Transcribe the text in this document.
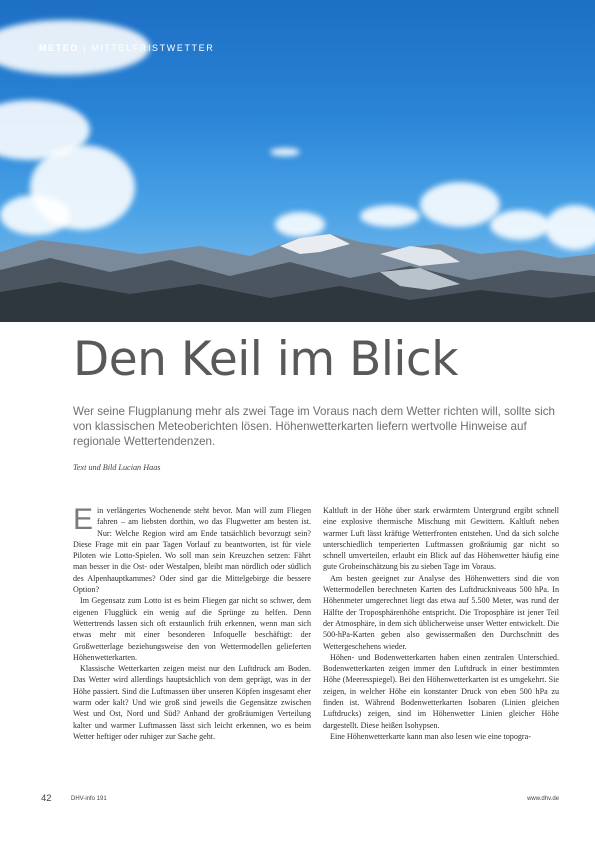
METEO | MITTELFRISTWETTER
Den Keil im Blick

Wer seine Flugplanung mehr als zwei Tage im Voraus nach dem Wetter richten will, sollte sich von klassischen Meteoberichten lösen. Höhenwetterkarten liefern wertvolle Hinweise auf regionale Wettertendenzen.

Text und Bild Lucian Haas

Ein verlängertes Wochenende steht bevor. Man will zum Fliegen fahren – am liebsten dorthin, wo das Flugwetter am besten ist. Nur: Welche Region wird am Ende tatsächlich bevorzugt sein? Diese Frage mit ein paar Tagen Vorlauf zu beantworten, ist für viele Piloten wie Lotto-Spielen. Wo soll man sein Kreuzchen setzen: Fährt man besser in die Ost- oder Westalpen, bleibt man nördlich oder südlich des Alpenhauptkammes? Oder sind gar die Mittelgebirge die bessere Option?

Im Gegensatz zum Lotto ist es beim Fliegen gar nicht so schwer, dem eigenen Flugglück ein wenig auf die Sprünge zu helfen. Denn Wettertrends lassen sich oft erstaunlich früh erkennen, wenn man sich etwas mehr mit einer besonderen Infoquelle beschäftigt: der Großwetterlage beziehungsweise den von Wettermodellen gelieferten Höhenwetterkarten.

Klassische Wetterkarten zeigen meist nur den Luftdruck am Boden. Das Wetter wird allerdings hauptsächlich von dem geprägt, was in der Höhe passiert. Sind die Luftmassen über unseren Köpfen insgesamt eher warm oder kalt? Und wie groß sind jeweils die Gegensätze zwischen West und Ost, Nord und Süd? Anhand der großräumigen Verteilung kalter und warmer Luftmassen lässt sich leicht erkennen, wo es beim Wetter heftiger oder ruhiger zur Sache geht.

Kaltluft in der Höhe über stark erwärmtem Untergrund ergibt schnell eine explosive thermische Mischung mit Gewittern. Kaltluft neben warmer Luft lässt kräftige Wetterfronten entstehen. Und da sich solche unterschiedlich temperierten Luftmassen großräumig gar nicht so schnell umverteilen, erlaubt ein Blick auf das Höhenwetter häufig eine gute Grobeinschätzung bis zu sieben Tage im Voraus.

Am besten geeignet zur Analyse des Höhenwetters sind die von Wettermodellen berechneten Karten des Luftdruckniveaus 500 hPa. In Höhenmeter umgerechnet liegt das etwa auf 5.500 Meter, was rund der Hälfte der Troposphärenhöhe entspricht. Die Troposphäre ist jener Teil der Atmosphäre, in dem sich üblicherweise unser Wetter entwickelt. Die 500-hPa-Karten geben also gewissermaßen den Durchschnitt des Wettergeschehens wieder.

Höhen- und Bodenwetterkarten haben einen zentralen Unterschied. Bodenwetterkarten zeigen immer den Luftdruck in einer bestimmten Höhe (Meeresspiegel). Bei den Höhenwetterkarten ist es umgekehrt. Sie zeigen, in welcher Höhe ein konstanter Druck von eben 500 hPa zu finden ist. Während Bodenwetterkarten Isobaren (Linien gleichen Luftdrucks) zeigen, sind im Höhenwetter Linien gleicher Höhe dargestellt. Diese heißen Isohypsen.

Eine Höhenwetterkarte kann man also lesen wie eine topogra-

42	DHV-info 191	www.dhv.de
